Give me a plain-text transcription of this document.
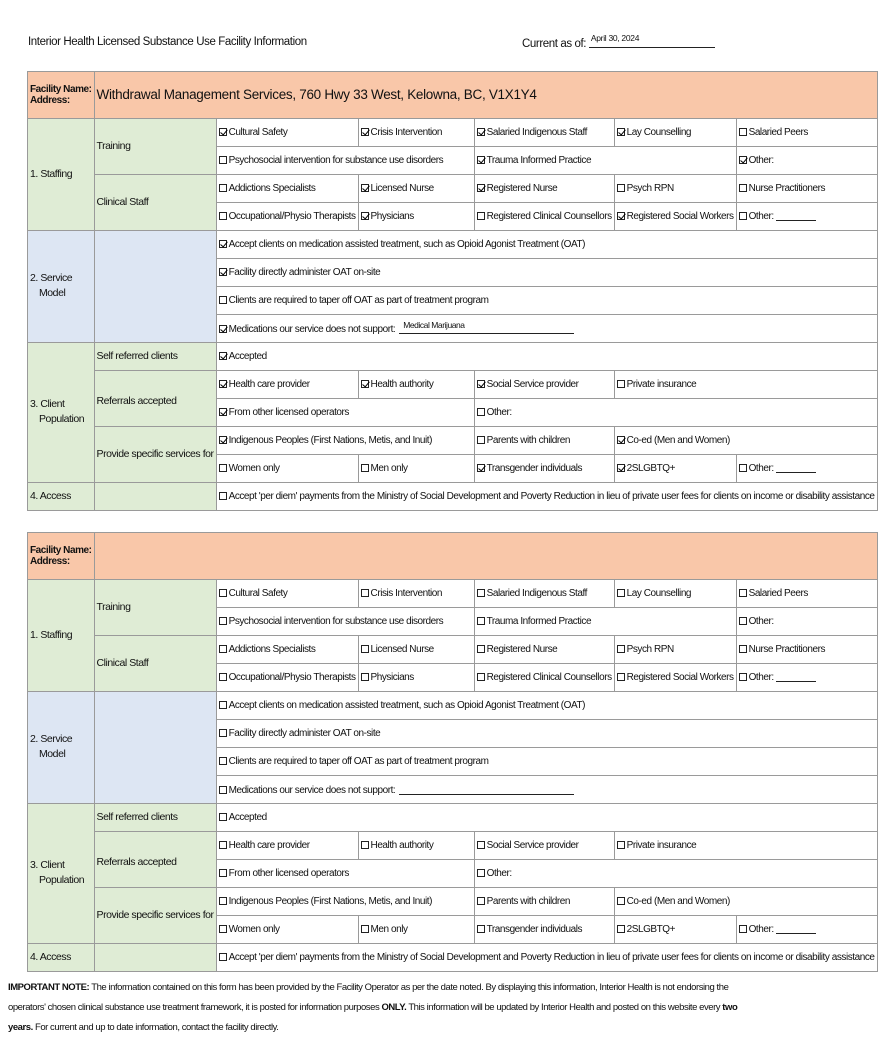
Interior Health Licensed Substance Use Facility Information	Current as of: April 30, 2024
Facility Name:
Address:	Withdrawal Management Services, 760 Hwy 33 West, Kelowna, BC, V1X1Y4					
1. Staffing	Training	Cultural Safety	Crisis Intervention	Salaried Indigenous Staff	Lay Counselling	Salaried Peers
		Psychosocial intervention for substance use disorders		Trauma Informed Practice		Other:
	Clinical Staff	Addictions Specialists	Licensed Nurse	Registered Nurse	Psych RPN	Nurse Practitioners
		Occupational/Physio Therapists	Physicians	Registered Clinical Counsellors	Registered Social Workers	Other:
2. Service
Model		Accept clients on medication assisted treatment, such as Opioid Agonist Treatment (OAT)				
		Facility directly administer OAT on-site				
		Clients are required to taper off OAT as part of treatment program				
		Medications our service does not support: Medical Marijuana				

3. Client
Population	Self referred clients	Accepted				
	Referrals accepted	Health care provider	Health authority	Social Service provider	Private insurance	
		From other licensed operators		Other:		
	Provide specific services for	Indigenous Peoples (First Nations, Metis, and Inuit)		Parents with children	Co-ed (Men and Women)	
		Women only	Men only	Transgender individuals	2SLGBTQ+	Other:
4. Access		Accept 'per diem' payments from the Ministry of Social Development and Poverty Reduction in lieu of private user fees for clients on income or disability assistance				
Facility Name:
Address:						
1. Staffing	Training	Cultural Safety	Crisis Intervention	Salaried Indigenous Staff	Lay Counselling	Salaried Peers
		Psychosocial intervention for substance use disorders		Trauma Informed Practice		Other:
	Clinical Staff	Addictions Specialists	Licensed Nurse	Registered Nurse	Psych RPN	Nurse Practitioners
		Occupational/Physio Therapists	Physicians	Registered Clinical Counsellors	Registered Social Workers	Other:
2. Service
Model		Accept clients on medication assisted treatment, such as Opioid Agonist Treatment (OAT)				
		Facility directly administer OAT on-site				
		Clients are required to taper off OAT as part of treatment program				
		Medications our service does not support:				

3. Client
Population	Self referred clients	Accepted				
	Referrals accepted	Health care provider	Health authority	Social Service provider	Private insurance	
		From other licensed operators		Other:		
	Provide specific services for	Indigenous Peoples (First Nations, Metis, and Inuit)		Parents with children	Co-ed (Men and Women)	
		Women only	Men only	Transgender individuals	2SLGBTQ+	Other:
4. Access		Accept 'per diem' payments from the Ministry of Social Development and Poverty Reduction in lieu of private user fees for clients on income or disability assistance				
IMPORTANT NOTE: The information contained on this form has been provided by the Facility Operator as per the date noted. By displaying this information, Interior Health is not endorsing the operators' chosen clinical substance use treatment framework, it is posted for information purposes ONLY. This information will be updated by Interior Health and posted on this website every two years. For current and up to date information, contact the facility directly.
